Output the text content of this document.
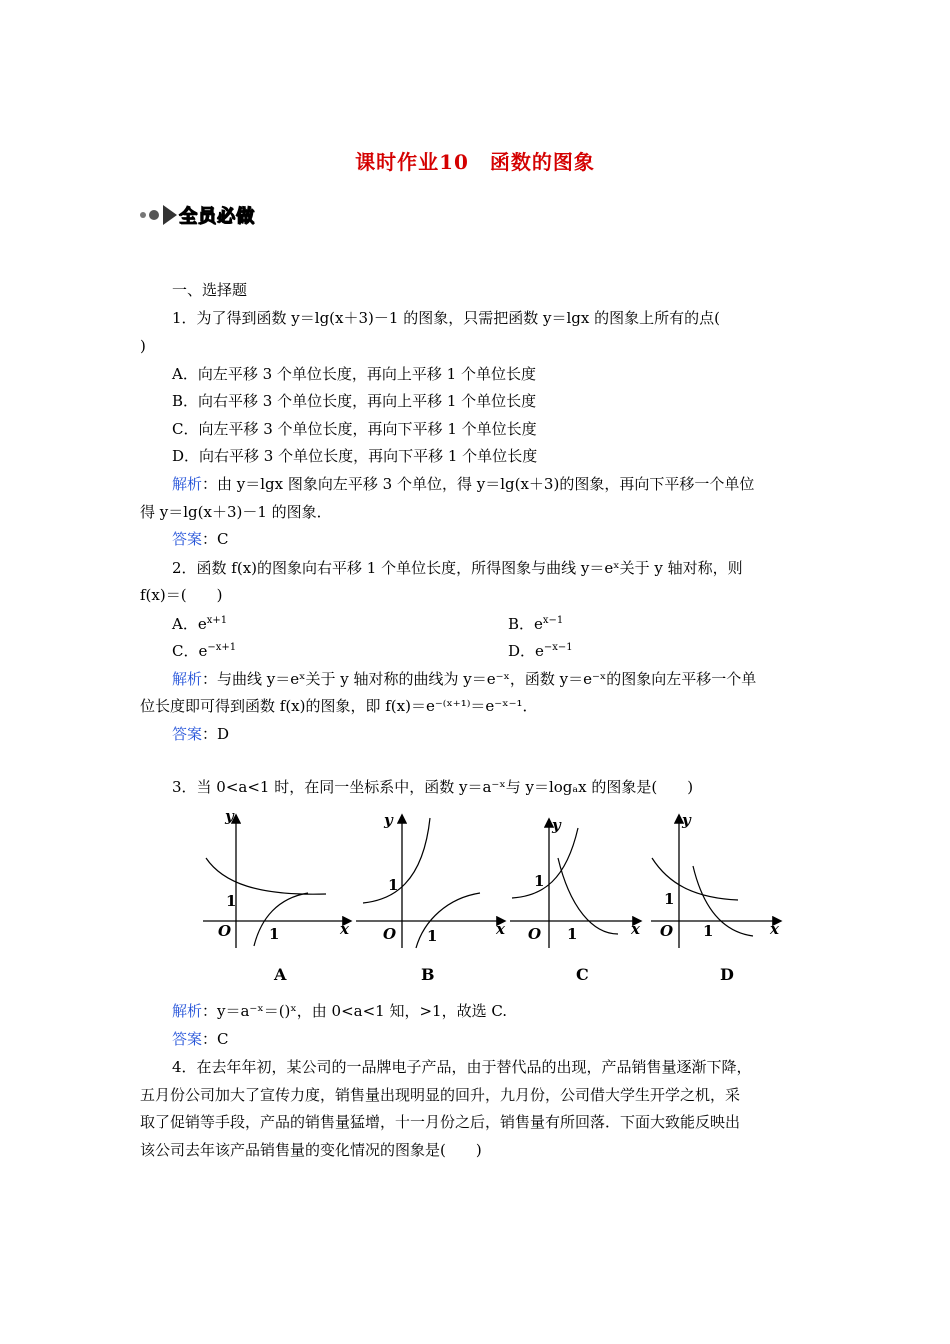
课时作业10　函数的图象
全员必做
一、选择题
1．为了得到函数 y＝lg(x＋3)－1 的图象，只需把函数 y＝lgx 的图象上所有的点(
)
A．向左平移 3 个单位长度，再向上平移 1 个单位长度
B．向右平移 3 个单位长度，再向上平移 1 个单位长度
C．向左平移 3 个单位长度，再向下平移 1 个单位长度
D．向右平移 3 个单位长度，再向下平移 1 个单位长度
解析：由 y＝lgx 图象向左平移 3 个单位，得 y＝lg(x＋3)的图象，再向下平移一个单位
得 y＝lg(x＋3)－1 的图象．
答案：C
2．函数 f(x)的图象向右平移 1 个单位长度，所得图象与曲线 y＝eˣ关于 y 轴对称，则
f(x)＝(　　)
A．$e^{x+1}$	B．$e^{x-1}$
C．$e^{-x+1}$	D．$e^{-x-1}$
解析：与曲线 y＝eˣ关于 y 轴对称的曲线为 y＝e⁻ˣ，函数 y＝e⁻ˣ的图象向左平移一个单
位长度即可得到函数 f(x)的图象，即 f(x)＝e⁻⁽ˣ⁺¹⁾＝e⁻ˣ⁻¹．
答案：D
3．当 0<a<1 时，在同一坐标系中，函数 y＝a⁻ˣ与 y＝logₐx 的图象是(　　)
y
x
O
1
1
A
y
x
O
1
1
B
y
x
O
1
1
C
y
x
O
1
1
D
解析：y＝a⁻ˣ＝()ˣ，由 0<a<1 知，>1，故选 C.
答案：C
4．在去年年初，某公司的一品牌电子产品，由于替代品的出现，产品销售量逐渐下降，
五月份公司加大了宣传力度，销售量出现明显的回升，九月份，公司借大学生开学之机，采
取了促销等手段，产品的销售量猛增，十一月份之后，销售量有所回落．下面大致能反映出
该公司去年该产品销售量的变化情况的图象是(　　)
